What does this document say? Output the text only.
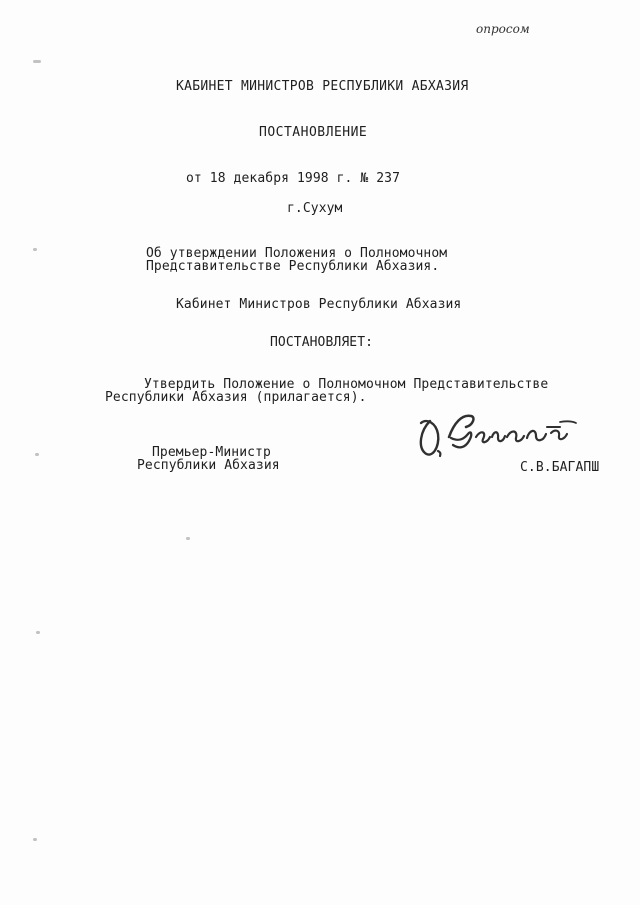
опросом
КАБИНЕТ МИНИСТРОВ РЕСПУБЛИКИ АБХАЗИЯ
ПОСТАНОВЛЕНИЕ
от 18 декабря 1998 г. № 237
г.Сухум
Об утверждении Положения о Полномочном
Представительстве Республики Абхазия.
Кабинет Министров Республики Абхазия
ПОСТАНОВЛЯЕТ:
Утвердить Положение о Полномочном Представительстве
Республики Абхазия (прилагается).
Премьер-Министр
Республики Абхазия	С.В.БАГАПШ
